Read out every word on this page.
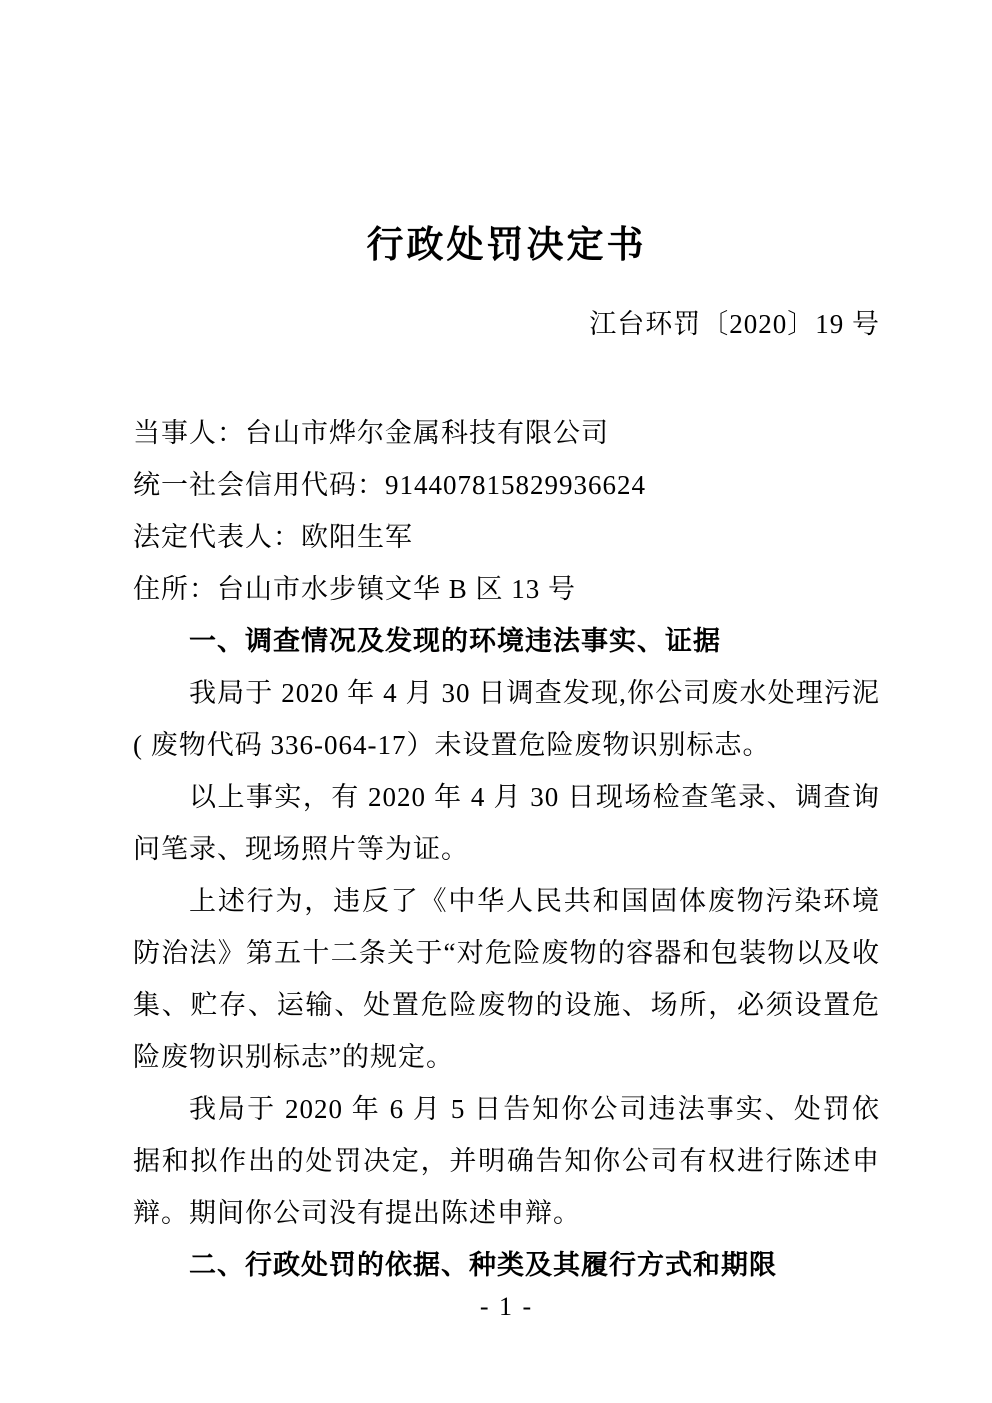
行政处罚决定书
江台环罚〔2020〕19 号

当事人：台山市烨尔金属科技有限公司

统一社会信用代码：914407815829936624

法定代表人：欧阳生军

住所：台山市水步镇文华 B 区 13 号

一、调查情况及发现的环境违法事实、证据

我局于 2020 年 4 月 30 日调查发现,你公司废水处理污泥( 废物代码 336-064-17）未设置危险废物识别标志。

以上事实，有 2020 年 4 月 30 日现场检查笔录、调查询问笔录、现场照片等为证。

上述行为，违反了《中华人民共和国固体废物污染环境防治法》第五十二条关于“对危险废物的容器和包装物以及收集、贮存、运输、处置危险废物的设施、场所，必须设置危险废物识别标志”的规定。

我局于 2020 年 6 月 5 日告知你公司违法事实、处罚依据和拟作出的处罚决定，并明确告知你公司有权进行陈述申辩。期间你公司没有提出陈述申辩。

二、行政处罚的依据、种类及其履行方式和期限
- 1 -
